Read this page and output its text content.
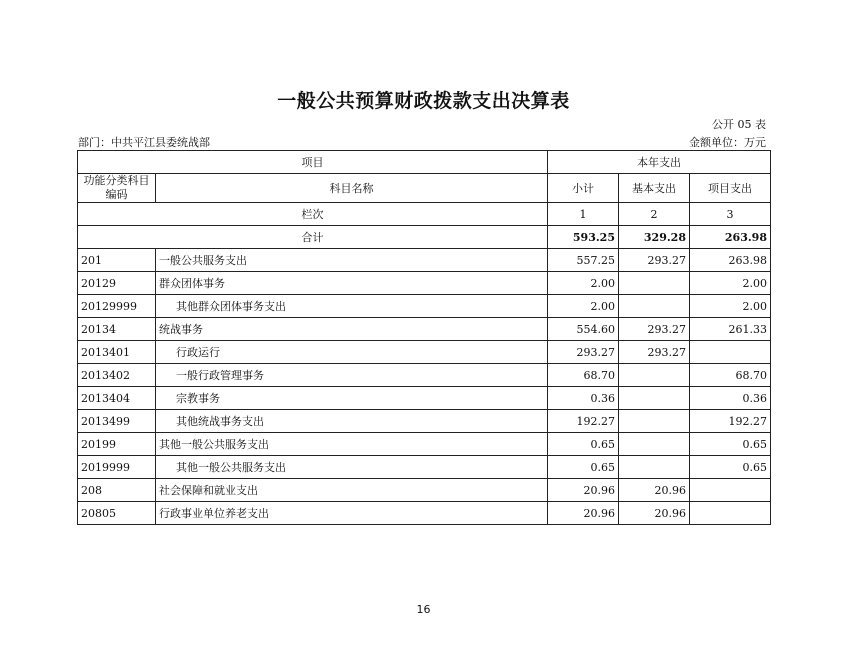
一般公共预算财政拨款支出决算表
公开 05 表
部门：中共平江县委统战部	金额单位：万元
项目		本年支出		
功能分类科目编码	科目名称	小计	基本支出	项目支出
栏次		1	2	3
合计		593.25	329.28	263.98
201	一般公共服务支出	557.25	293.27	263.98
20129	群众团体事务	2.00		2.00
20129999	其他群众团体事务支出	2.00		2.00
20134	统战事务	554.60	293.27	261.33
2013401	行政运行	293.27	293.27	
2013402	一般行政管理事务	68.70		68.70
2013404	宗教事务	0.36		0.36
2013499	其他统战事务支出	192.27		192.27
20199	其他一般公共服务支出	0.65		0.65
2019999	其他一般公共服务支出	0.65		0.65
208	社会保障和就业支出	20.96	20.96	
20805	行政事业单位养老支出	20.96	20.96	
16
